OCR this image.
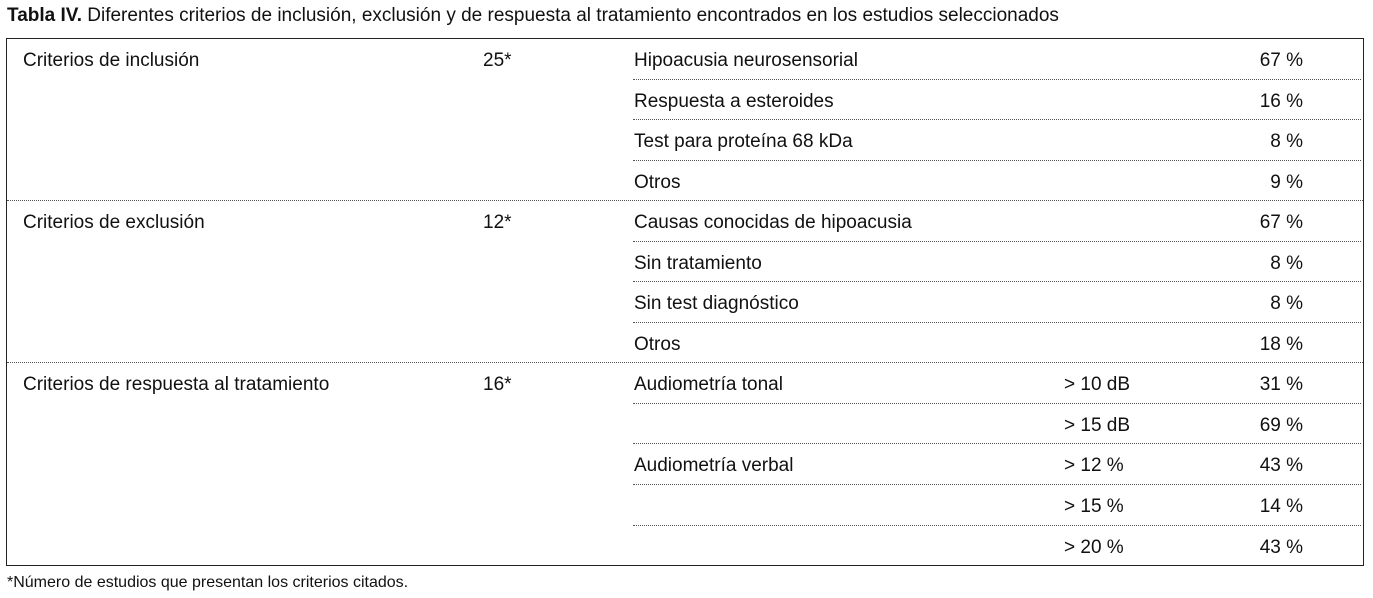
Tabla IV. Diferentes criterios de inclusión, exclusión y de respuesta al tratamiento encontrados en los estudios seleccionados
Criterios de inclusión	25*	Hipoacusia neurosensorial	67 %
Respuesta a esteroides	16 %
Test para proteína 68 kDa	8 %
Otros	9 %
Criterios de exclusión	12*	Causas conocidas de hipoacusia	67 %
Sin tratamiento	8 %
Sin test diagnóstico	8 %
Otros	18 %
Criterios de respuesta al tratamiento	16*	Audiometría tonal	> 10 dB	31 %
> 15 dB	69 %
Audiometría verbal	> 12 %	43 %
> 15 %	14 %
> 20 %	43 %
*Número de estudios que presentan los criterios citados.
